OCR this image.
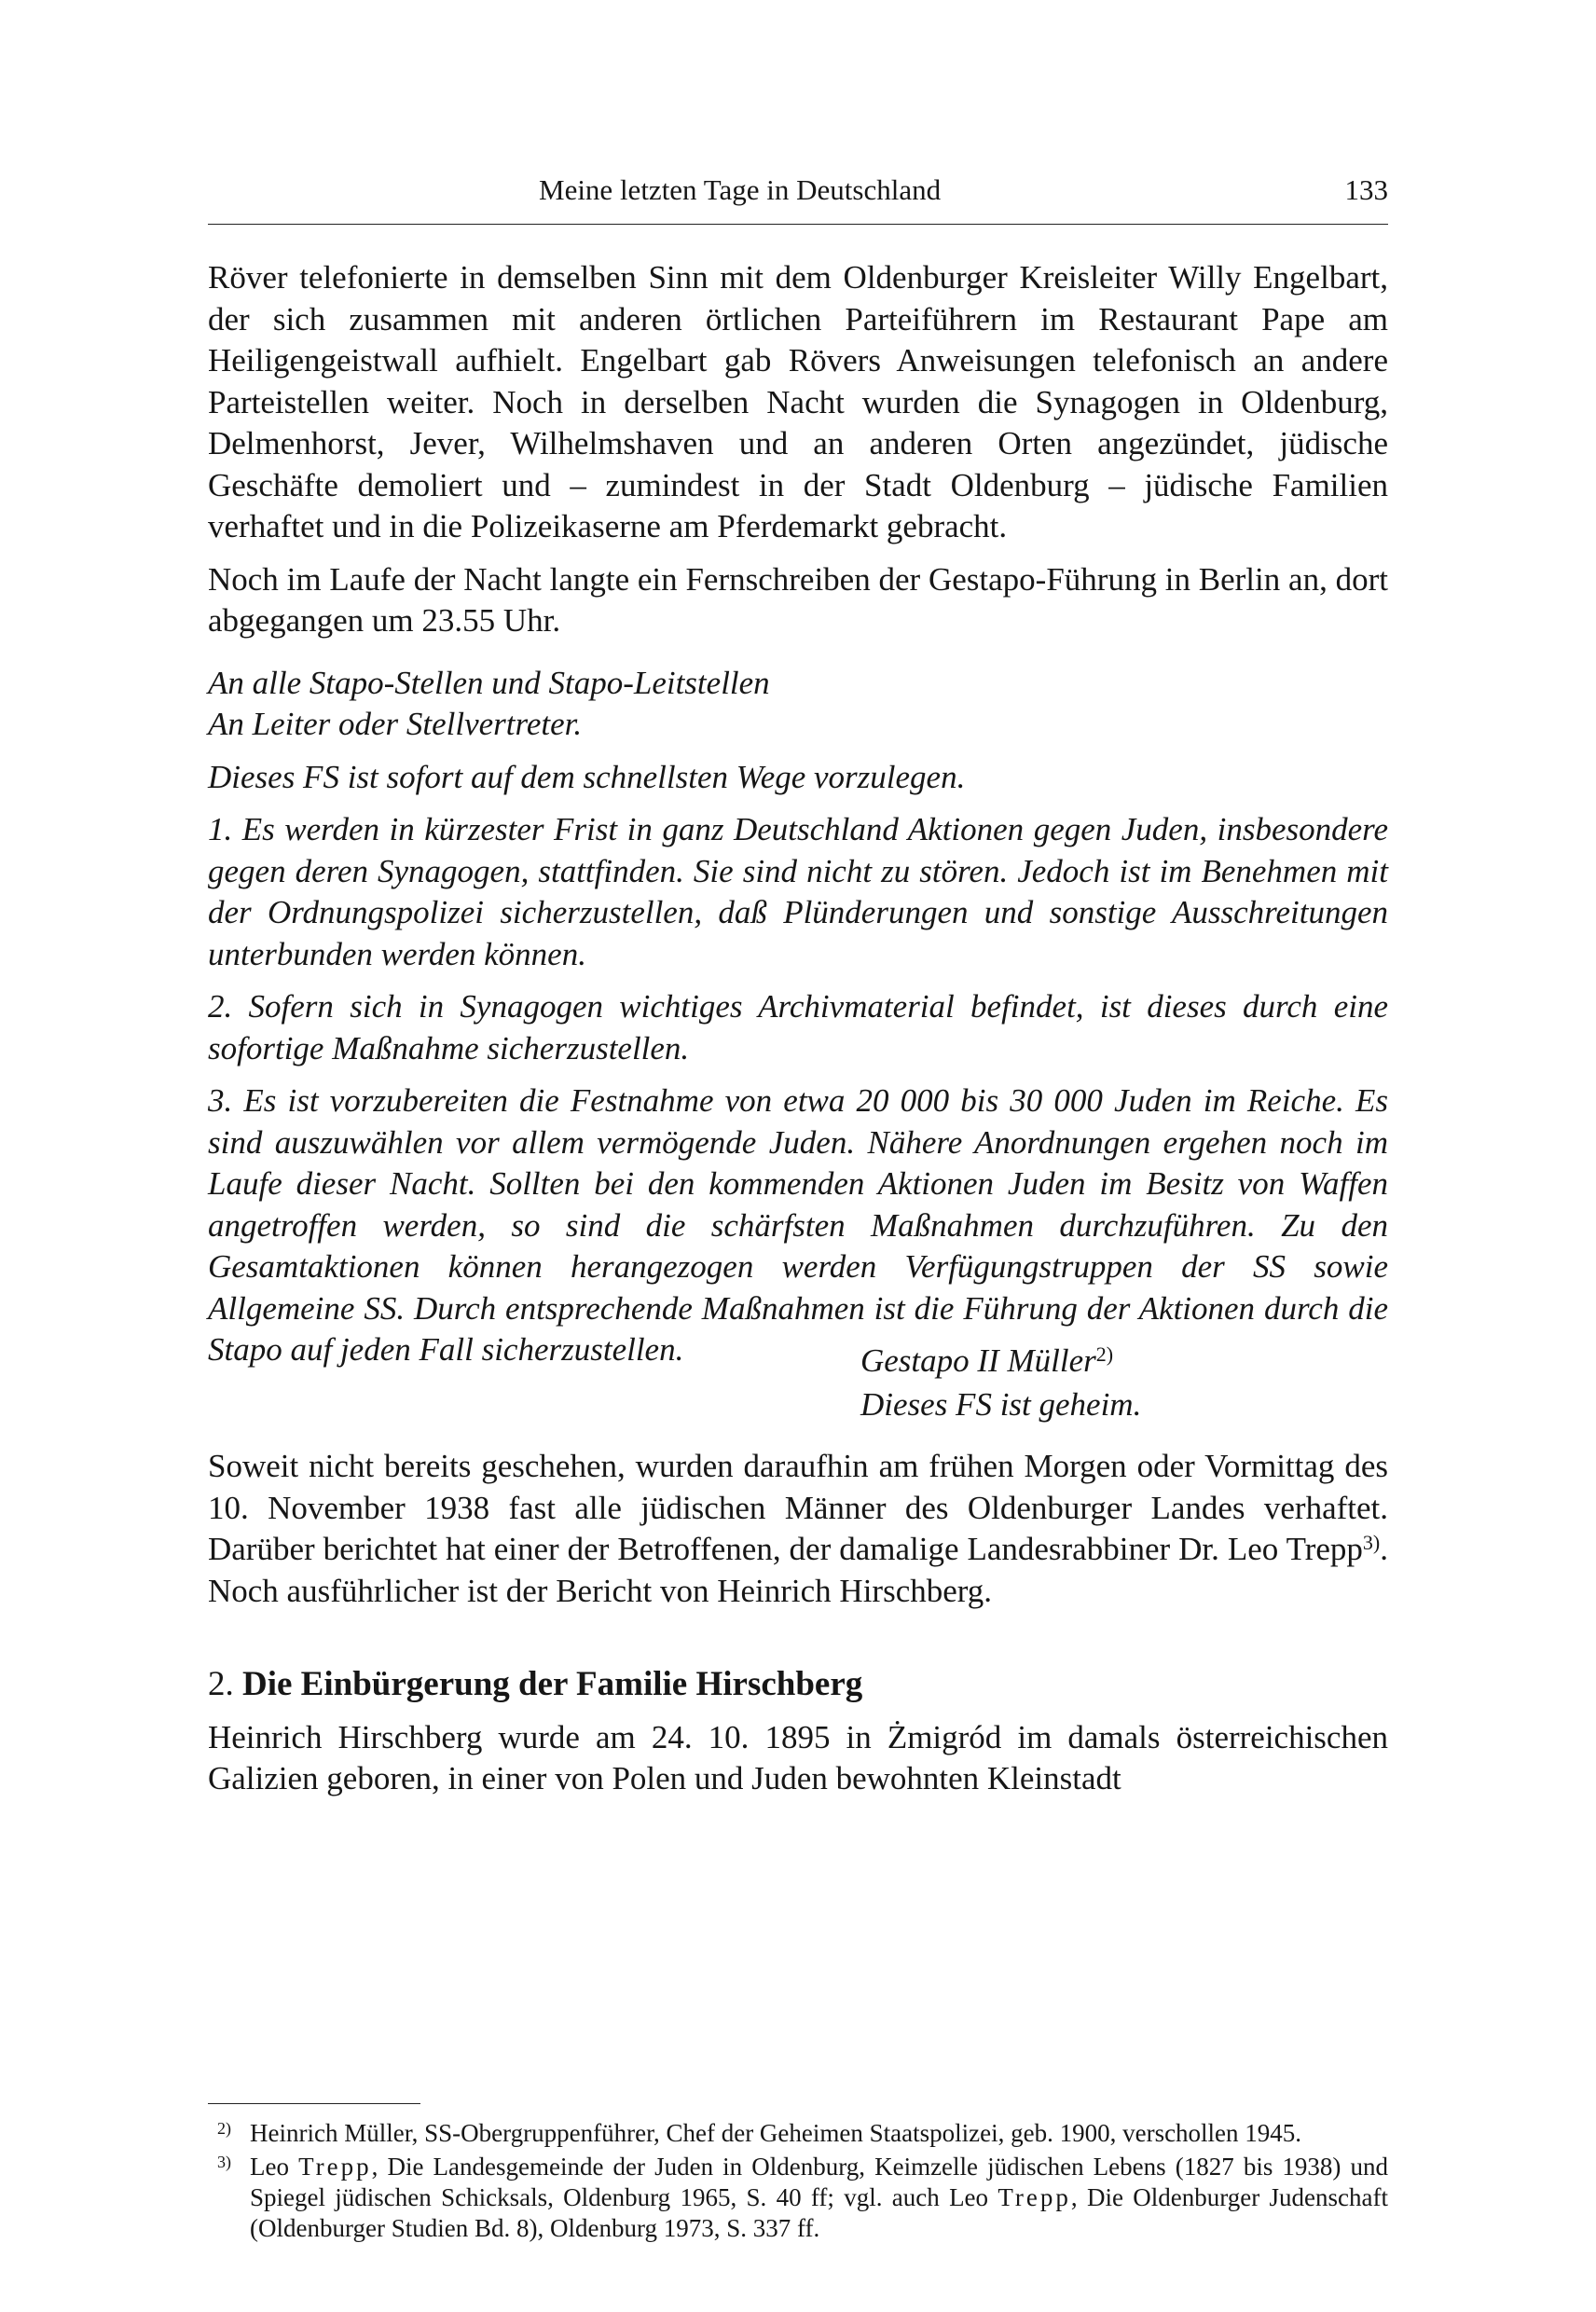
Meine letzten Tage in Deutschland	133

Röver telefonierte in demselben Sinn mit dem Oldenburger Kreisleiter Willy Engelbart, der sich zusammen mit anderen örtlichen Parteiführern im Restaurant Pape am Heiligengeistwall aufhielt. Engelbart gab Rövers Anweisungen telefonisch an andere Parteistellen weiter. Noch in derselben Nacht wurden die Synagogen in Oldenburg, Delmenhorst, Jever, Wilhelmshaven und an anderen Orten angezündet, jüdische Geschäfte demoliert und – zumindest in der Stadt Oldenburg – jüdische Familien verhaftet und in die Polizeikaserne am Pferdemarkt gebracht.

Noch im Laufe der Nacht langte ein Fernschreiben der Gestapo-Führung in Berlin an, dort abgegangen um 23.55 Uhr.

An alle Stapo-Stellen und Stapo-Leitstellen

An Leiter oder Stellvertreter.

Dieses FS ist sofort auf dem schnellsten Wege vorzulegen.

1. Es werden in kürzester Frist in ganz Deutschland Aktionen gegen Juden, insbesondere gegen deren Synagogen, stattfinden. Sie sind nicht zu stören. Jedoch ist im Benehmen mit der Ordnungspolizei sicherzustellen, daß Plünderungen und sonstige Ausschreitungen unterbunden werden können.

2. Sofern sich in Synagogen wichtiges Archivmaterial befindet, ist dieses durch eine sofortige Maßnahme sicherzustellen.

3. Es ist vorzubereiten die Festnahme von etwa 20 000 bis 30 000 Juden im Reiche. Es sind auszuwählen vor allem vermögende Juden. Nähere Anordnungen ergehen noch im Laufe dieser Nacht. Sollten bei den kommenden Aktionen Juden im Besitz von Waffen angetroffen werden, so sind die schärfsten Maßnahmen durchzuführen. Zu den Gesamtaktionen können herangezogen werden Verfügungstruppen der SS sowie Allgemeine SS. Durch entsprechende Maßnahmen ist die Führung der Aktionen durch die Stapo auf jeden Fall sicherzustellen.	Gestapo II Müller$^{2)}$

Dieses FS ist geheim.

Soweit nicht bereits geschehen, wurden daraufhin am frühen Morgen oder Vormittag des 10. November 1938 fast alle jüdischen Männer des Oldenburger Landes verhaftet. Darüber berichtet hat einer der Betroffenen, der damalige Landesrabbiner Dr. Leo Trepp$^{3)}$. Noch ausführlicher ist der Bericht von Heinrich Hirschberg.

2. Die Einbürgerung der Familie Hirschberg

Heinrich Hirschberg wurde am 24. 10. 1895 in Żmigród im damals österreichischen Galizien geboren, in einer von Polen und Juden bewohnten Kleinstadt

2) Heinrich Müller, SS-Obergruppenführer, Chef der Geheimen Staatspolizei, geb. 1900, verschollen 1945.

3) Leo Trepp, Die Landesgemeinde der Juden in Oldenburg, Keimzelle jüdischen Lebens (1827 bis 1938) und Spiegel jüdischen Schicksals, Oldenburg 1965, S. 40 ff; vgl. auch Leo Trepp, Die Oldenburger Judenschaft (Oldenburger Studien Bd. 8), Oldenburg 1973, S. 337 ff.
